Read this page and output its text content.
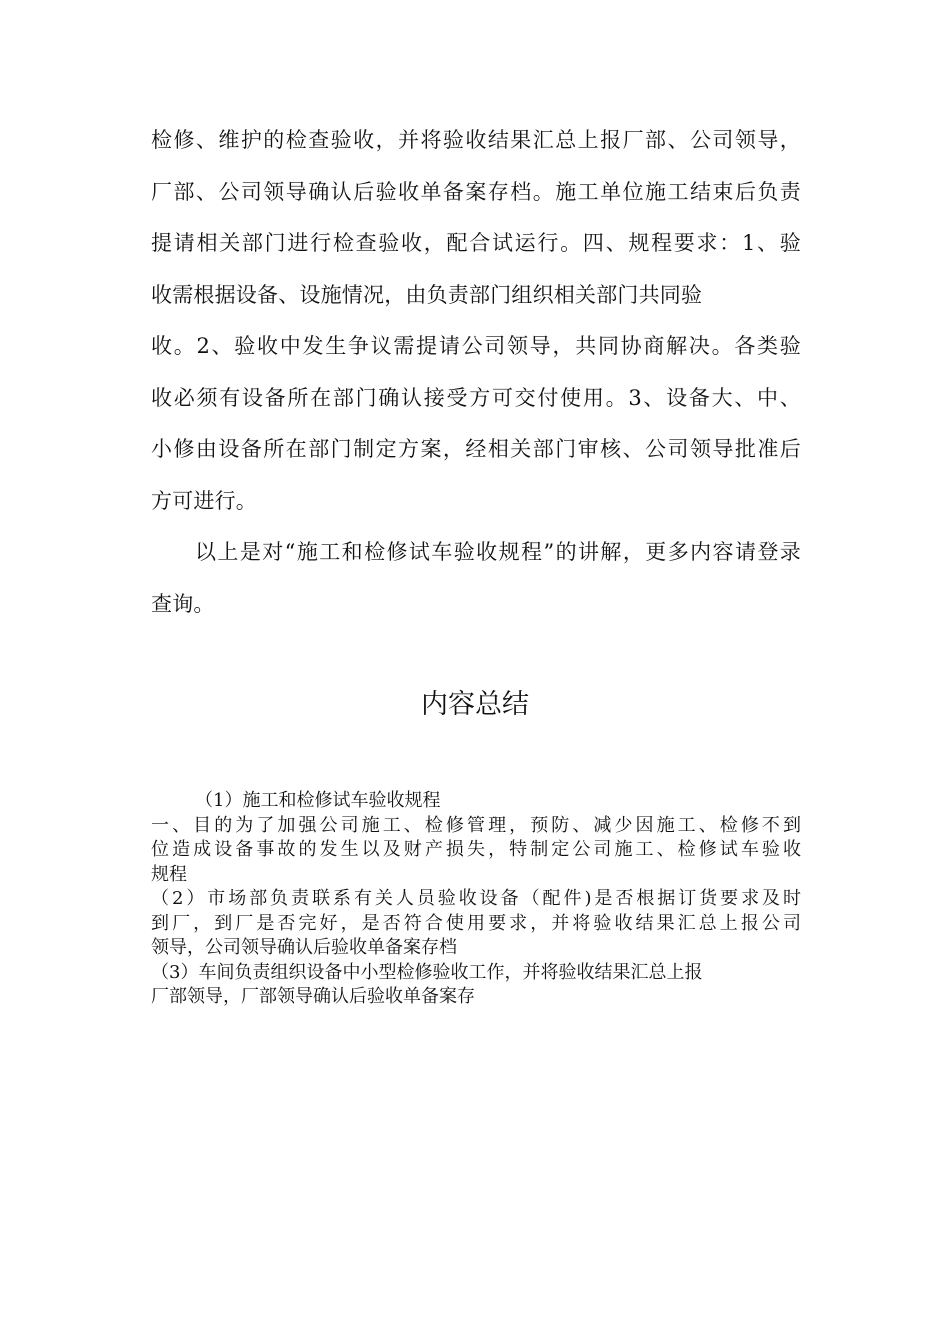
检修、维护的检查验收，并将验收结果汇总上报厂部、公司领导，
厂部、公司领导确认后验收单备案存档。施工单位施工结束后负责
提请相关部门进行检查验收，配合试运行。四、规程要求：1、验
收需根据设备、设施情况，由负责部门组织相关部门共同验
收。2、验收中发生争议需提请公司领导，共同协商解决。各类验
收必须有设备所在部门确认接受方可交付使用。3、设备大、中、
小修由设备所在部门制定方案，经相关部门审核、公司领导批准后
方可进行。
以上是对“施工和检修试车验收规程”的讲解，更多内容请登录
查询。
内容总结
（1）施工和检修试车验收规程
一、目的为了加强公司施工、检修管理，预防、减少因施工、检修不到
位造成设备事故的发生以及财产损失，特制定公司施工、检修试车验收
规程
（2）市场部负责联系有关人员验收设备（配件)是否根据订货要求及时
到厂，到厂是否完好，是否符合使用要求，并将验收结果汇总上报公司
领导，公司领导确认后验收单备案存档
（3）车间负责组织设备中小型检修验收工作，并将验收结果汇总上报
厂部领导，厂部领导确认后验收单备案存
